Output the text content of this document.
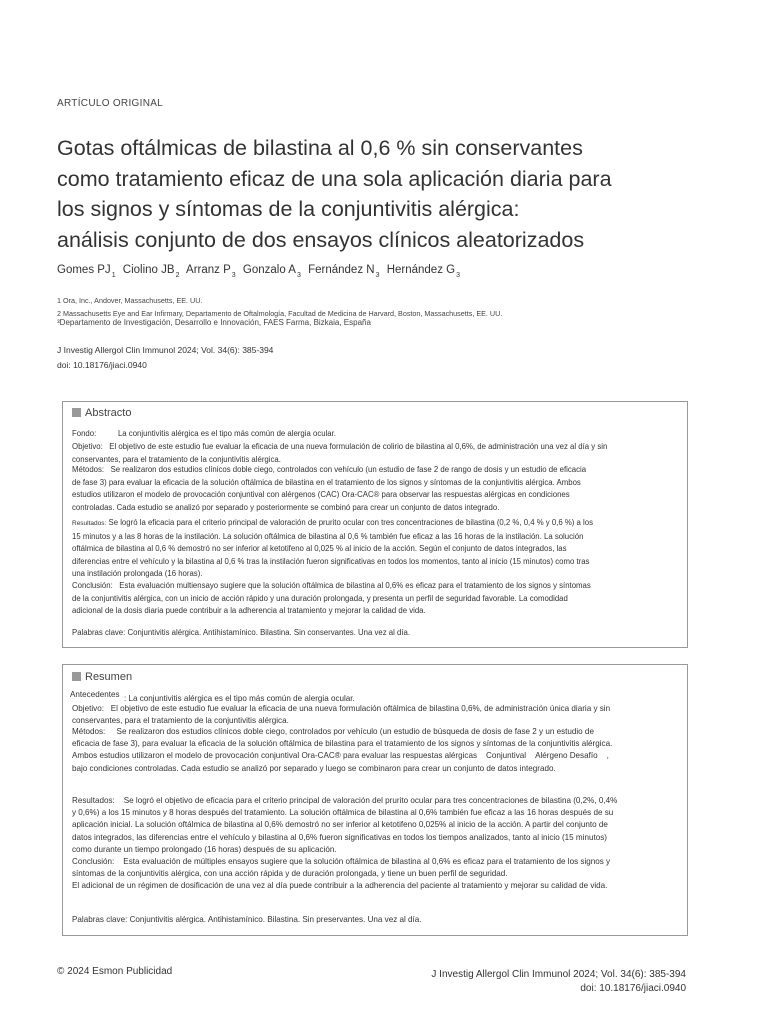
ARTÍCULO ORIGINAL
Gotas oftálmicas de bilastina al 0,6 % sin conservantes
como tratamiento eficaz de una sola aplicación diaria para
los signos y síntomas de la conjuntivitis alérgica:
análisis conjunto de dos ensayos clínicos aleatorizados
Gomes $PJ_1$ Ciolino $JB_2$ Arranz $P_3$ Gonzalo $A_3$ Fernández $N_3$ Hernández $G_3$
1 Ora, Inc., Andover, Massachusetts, EE. UU.
2 Massachusetts Eye and Ear Infirmary, Departamento de Oftalmología, Facultad de Medicina de Harvard, Boston, Massachusetts, EE. UU.
³Departamento de Investigación, Desarrollo e Innovación, FAES Farma, Bizkaia, España
J Investig Allergol Clin Immunol 2024; Vol. 34(6): 385-394
doi: 10.18176/jiaci.0940
Abstracto
Fondo:	La conjuntivitis alérgica es el tipo más común de alergia ocular.
Objetivo: El objetivo de este estudio fue evaluar la eficacia de una nueva formulación de colirio de bilastina al 0,6%, de administración una vez al día y sin
conservantes, para el tratamiento de la conjuntivitis alérgica.
Métodos: Se realizaron dos estudios clínicos doble ciego, controlados con vehículo (un estudio de fase 2 de rango de dosis y un estudio de eficacia
de fase 3) para evaluar la eficacia de la solución oftálmica de bilastina en el tratamiento de los signos y síntomas de la conjuntivitis alérgica. Ambos
estudios utilizaron el modelo de provocación conjuntival con alérgenos (CAC) Ora-CAC® para observar las respuestas alérgicas en condiciones
controladas. Cada estudio se analizó por separado y posteriormente se combinó para crear un conjunto de datos integrado.
Resultados: Se logró la eficacia para el criterio principal de valoración de prurito ocular con tres concentraciones de bilastina (0,2 %, 0,4 % y 0,6 %) a los
15 minutos y a las 8 horas de la instilación. La solución oftálmica de bilastina al 0,6 % también fue eficaz a las 16 horas de la instilación. La solución
oftálmica de bilastina al 0,6 % demostró no ser inferior al ketotifeno al 0,025 % al inicio de la acción. Según el conjunto de datos integrados, las
diferencias entre el vehículo y la bilastina al 0,6 % tras la instilación fueron significativas en todos los momentos, tanto al inicio (15 minutos) como tras
una instilación prolongada (16 horas).
Conclusión: Esta evaluación multiensayo sugiere que la solución oftálmica de bilastina al 0,6% es eficaz para el tratamiento de los signos y síntomas
de la conjuntivitis alérgica, con un inicio de acción rápido y una duración prolongada, y presenta un perfil de seguridad favorable. La comodidad
adicional de la dosis diaria puede contribuir a la adherencia al tratamiento y mejorar la calidad de vida.
Palabras clave: Conjuntivitis alérgica. Antihistamínico. Bilastina. Sin conservantes. Una vez al día.
Resumen
Antecedentes : La conjuntivitis alérgica es el tipo más común de alergia ocular.
Objetivo: El objetivo de este estudio fue evaluar la eficacia de una nueva formulación oftálmica de bilastina 0,6%, de administración única diaria y sin
conservantes, para el tratamiento de la conjuntivitis alérgica.
Métodos: Se realizaron dos estudios clínicos doble ciego, controlados por vehículo (un estudio de búsqueda de dosis de fase 2 y un estudio de
eficacia de fase 3), para evaluar la eficacia de la solución oftálmica de bilastina para el tratamiento de los signos y síntomas de la conjuntivitis alérgica.
Ambos estudios utilizaron el modelo de provocación conjuntival Ora-CAC® para evaluar las respuestas alérgicas Conjuntival Alérgeno Desafío ,
bajo condiciones controladas. Cada estudio se analizó por separado y luego se combinaron para crear un conjunto de datos integrado.
Resultados: Se logró el objetivo de eficacia para el criterio principal de valoración del prurito ocular para tres concentraciones de bilastina (0,2%, 0,4%
y 0,6%) a los 15 minutos y 8 horas después del tratamiento. La solución oftálmica de bilastina al 0,6% también fue eficaz a las 16 horas después de su
aplicación inicial. La solución oftálmica de bilastina al 0,6% demostró no ser inferior al ketotifeno 0,025% al inicio de la acción. A partir del conjunto de
datos integrados, las diferencias entre el vehículo y bilastina al 0,6% fueron significativas en todos los tiempos analizados, tanto al inicio (15 minutos)
como durante un tiempo prolongado (16 horas) después de su aplicación.
Conclusión: Esta evaluación de múltiples ensayos sugiere que la solución oftálmica de bilastina al 0,6% es eficaz para el tratamiento de los signos y
síntomas de la conjuntivitis alérgica, con una acción rápida y de duración prolongada, y tiene un buen perfil de seguridad.
El adicional de un régimen de dosificación de una vez al día puede contribuir a la adherencia del paciente al tratamiento y mejorar su calidad de vida.
Palabras clave: Conjuntivitis alérgica. Antihistamínico. Bilastina. Sin preservantes. Una vez al día.
© 2024 Esmon Publicidad	J Investig Allergol Clin Immunol 2024; Vol. 34(6): 385-394
doi: 10.18176/jiaci.0940
